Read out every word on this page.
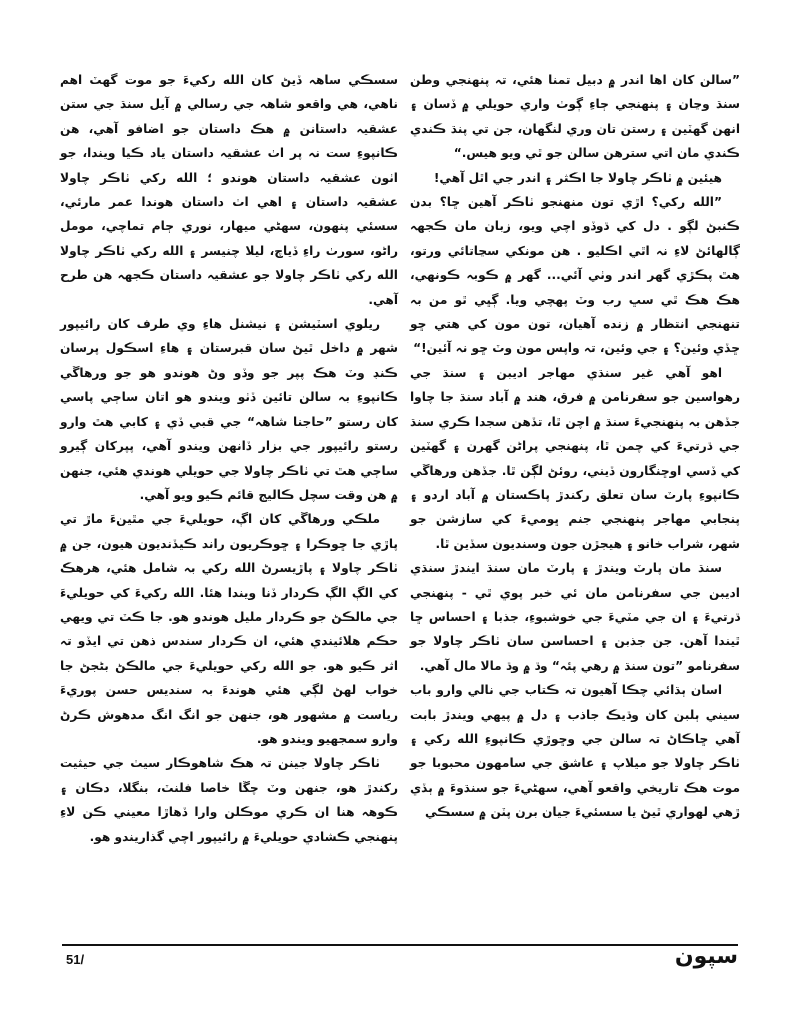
”سالن کان اها اندر ۾ دبيل تمنا هئي، تہ پنهنجي وطن سنڌ وڃان ۽ پنهنجي ڄاءِ ڳوٺ واري حويلي ۾ ڏسان ۽ انهن گهٽين ۽ رستن تان وري لنگهان، جن تي پنڌ ڪندي ڪندي مان اتي سترهن سالن جو ٿي ويو هيس.“

هيئين ۾ ٺاڪر چاولا جا اڪثر ۽ اندر جي اٿل آهي!

”الله رکي؟ اڙي تون منهنجو ٺاڪر آهين ڇا؟ بدن ڪنبڻ لڳو . دل کي ڌوڏو اچي ويو، زبان مان ڪجهہ ڳالهائڻ لاءِ نہ اٿي اڪليو . هن مونکي سڃاتائي ورتو، هٿ پڪڙي گهر اندر وٺي آئي... گهر ۾ ڪوبہ ڪونهي، هڪ هڪ ٿي سڀ رب وٽ پهچي ويا. ڳڀي ٿو من بہ تنهنجي انتظار ۾ زنده آهيان، تون مون کي هتي ڇو ڇڏي وئين؟ ۽ جي وئين، تہ واپس مون وٽ ڇو نہ آئين!“

اهو آهي غير سنڌي مهاجر اديبن ۽ سنڌ جي رهواسين جو سفرنامن ۾ فرق، هند ۾ آباد سنڌ جا چاوا جڏهن بہ پنهنجيءَ سنڌ ۾ اچن ٿا، تڏهن سجدا ڪري سنڌ جي ڌرتيءَ کي چمن ٿا، پنهنجي پراڻن گهرن ۽ گهٽين کي ڏسي اوڇنگارون ڏيني، روئڻ لڳن ٿا. جڏهن ورهاڱي ڪانپوءِ پارٽ سان تعلق رکندڙ پاڪستان ۾ آباد اردو ۽ پنجابي مهاجر پنهنجي جنم ڀوميءَ کي سازشن جو شهر، شراب خانو ۽ هيجڙن جون وسنديون سڏين ٿا.

سنڌ مان پارٽ ويندڙ ۽ پارٽ مان سنڌ ايندڙ سنڌي اديبن جي سفرنامن مان ئي خبر پوي ٿي - پنهنجي ڌرتيءَ ۽ ان جي مٽيءَ جي خوشبوءِ، جذبا ۽ احساس ڇا ٿيندا آهن. جن جذبن ۽ احساسن سان ٺاڪر چاولا جو سفرنامو ”تون سنڌ ۾ رهي پئہ“ وڌ ۾ وڌ مالا مال آهي.

اسان ٻڌائي چڪا آهيون تہ ڪتاب جي نالي وارو باب سيني ٻلبن کان وڌيڪ جاذب ۽ دل ۾ پيهي ويندڙ بابت آهي ڇاڪاڻ تہ سالن جي وڇوڙي ڪانپوءِ الله رکي ۽ ٺاڪر چاولا جو ميلاپ ۽ عاشق جي سامهون محبوبا جو موت هڪ تاريخي واقعو آهي، سهڻيءَ جو سنڌوءَ ۾ ٻڏي ڙهي لهواري ٿيڻ يا سسئيءَ جيان برن پٽن ۾ سسڪي

سسڪي ساهہ ڏيڻ کان الله رکيءَ جو موت گهٽ اهم ناهي، هي واقعو شاهہ جي رسالي ۾ آيل سنڌ جي ستن عشقيہ داستانن ۾ هڪ داستان جو اضافو آهي، هن ڪانپوءِ ست نہ پر اٺ عشقيہ داستان ياد ڪيا ويندا، جو اٺون عشقيہ داستان هوندو ؛ الله رکي ٺاڪر چاولا عشقيہ داستان ۽ اهي اٺ داستان هوندا عمر مارئي، سسئي پنهون، سهڻي ميهار، نوري ڄام تماچي، مومل راڻو، سورٺ راءِ ڏياچ، ليلا چنيسر ۽ الله رکي ٺاڪر چاولا الله رکي ٺاڪر چاولا جو عشقيہ داستان ڪجهہ هن طرح آهي.

ريلوي اسٽيشن ۽ نيشنل هاءِ وي طرف کان رائيپور شهر ۾ داخل ٿيڻ سان قبرستان ۽ هاءِ اسڪول پرسان ڪنڊ وٽ هڪ پپر جو وڏو وڻ هوندو هو جو ورهاڱي ڪانپوءِ بہ سالن تائين ڏٺو ويندو هو اتان ساڄي پاسي کان رستو ”حاجنا شاهہ“ جي قبي ڏي ۽ کابي هٿ وارو رستو رائيپور جي بزار ڏانهن ويندو آهي، پپرکان ڳيرو ساڄي هٿ تي ٺاڪر چاولا جي حويلي هوندي هئي، جنهن ۾ هن وقت سچل ڪاليج قائم ڪيو ويو آهي.

ملڪي ورهاڱي کان اڳ، حويليءَ جي مٿينءَ ماڙ تي پاڙي جا ڇوڪرا ۽ ڇوڪريون راند ڪيڏنديون هيون، جن ۾ ٺاڪر چاولا ۽ پاڙيسرڻ الله رکي بہ شامل هئي، هرهڪ کي الڳ الڳ ڪردار ڏنا ويندا هئا. الله رکيءَ کي حويليءَ جي مالڪڻ جو ڪردار مليل هوندو هو. جا ڪٽ تي ويهي حڪم هلائيندي هئي، ان ڪردار سندس ذهن تي ايڏو تہ اثر ڪيو هو. جو الله رکي حويليءَ جي مالڪڻ بڻجڻ جا خواب لهڻ لڳي هئي هوندءَ بہ سنديس حسن پوريءَ رياست ۾ مشهور هو، جنهن جو انگ انگ مدهوش ڪرڻ وارو سمجهيو ويندو هو.

ٺاڪر چاولا جينن تہ هڪ شاهوڪار سيٺ جي حيثيت رکندڙ هو، جنهن وٽ چڱا خاصا فلنٽ، بنگلا، دڪان ۽ ڪوهہ هنا ان ڪري موڪلن وارا ڏهاڙا معيني ڪن لاءِ پنهنجي ڪشادي حويليءَ ۾ رائيپور اچي گذاريندو هو.

51/	سپون
